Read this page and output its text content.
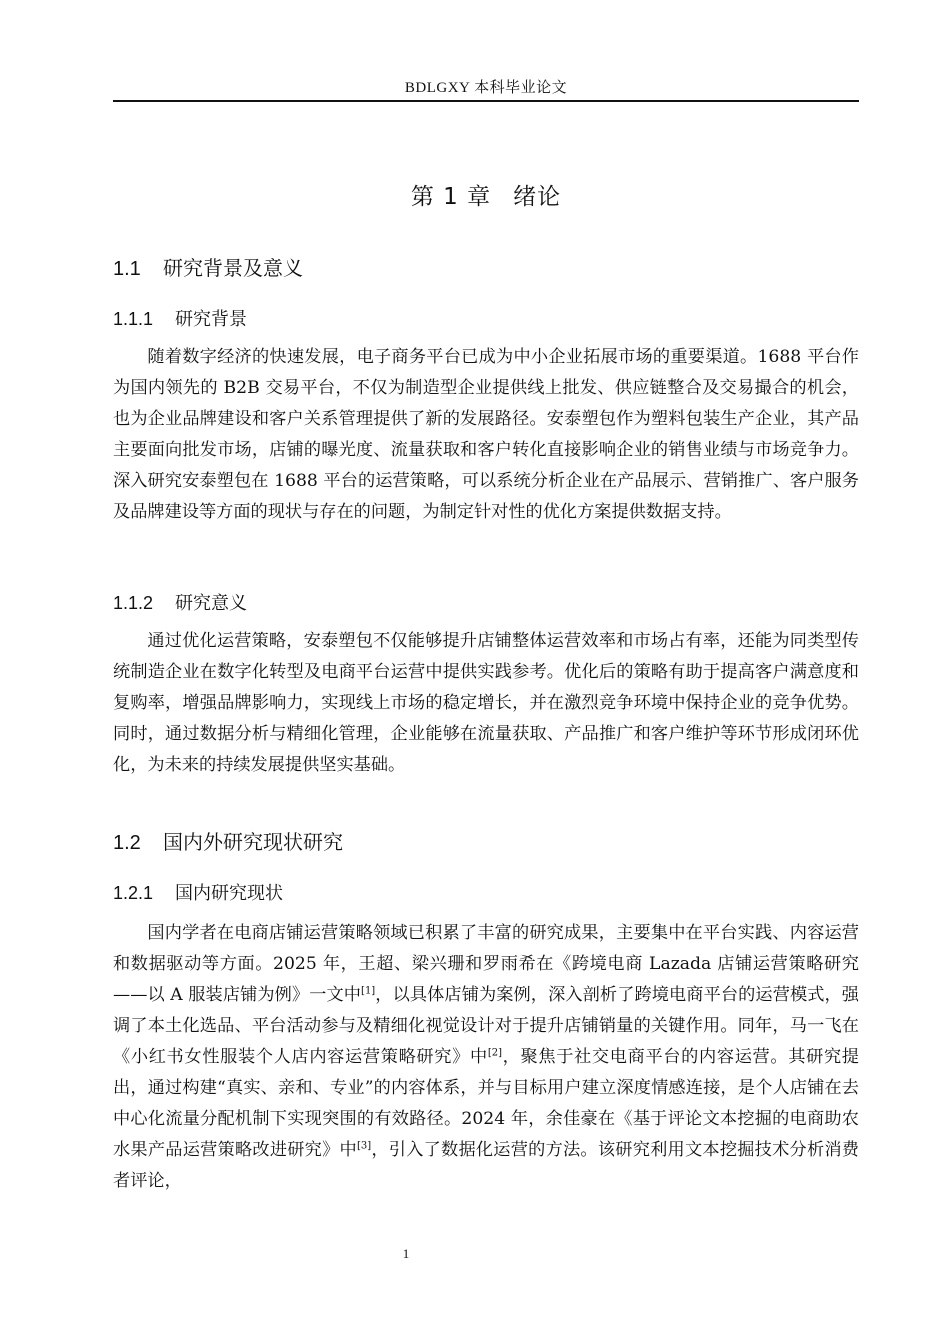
BDLGXY 本科毕业论文
第 1 章 绪论
1.1 研究背景及意义
1.1.1 研究背景

随着数字经济的快速发展，电子商务平台已成为中小企业拓展市场的重要渠道。1688 平台作为国内领先的 B2B 交易平台，不仅为制造型企业提供线上批发、供应链整合及交易撮合的机会，也为企业品牌建设和客户关系管理提供了新的发展路径。安泰塑包作为塑料包装生产企业，其产品主要面向批发市场，店铺的曝光度、流量获取和客户转化直接影响企业的销售业绩与市场竞争力。深入研究安泰塑包在 1688 平台的运营策略，可以系统分析企业在产品展示、营销推广、客户服务及品牌建设等方面的现状与存在的问题，为制定针对性的优化方案提供数据支持。

1.1.2 研究意义

通过优化运营策略，安泰塑包不仅能够提升店铺整体运营效率和市场占有率，还能为同类型传统制造企业在数字化转型及电商平台运营中提供实践参考。优化后的策略有助于提高客户满意度和复购率，增强品牌影响力，实现线上市场的稳定增长，并在激烈竞争环境中保持企业的竞争优势。同时，通过数据分析与精细化管理，企业能够在流量获取、产品推广和客户维护等环节形成闭环优化，为未来的持续发展提供坚实基础。

1.2 国内外研究现状研究
1.2.1 国内研究现状

国内学者在电商店铺运营策略领域已积累了丰富的研究成果，主要集中在平台实践、内容运营和数据驱动等方面。2025 年，王超、梁兴珊和罗雨希在《跨境电商 Lazada 店铺运营策略研究——以 A 服装店铺为例》一文中[1]，以具体店铺为案例，深入剖析了跨境电商平台的运营模式，强调了本土化选品、平台活动参与及精细化视觉设计对于提升店铺销量的关键作用。同年，马一飞在《小红书女性服装个人店内容运营策略研究》中[2]，聚焦于社交电商平台的内容运营。其研究提出，通过构建“真实、亲和、专业”的内容体系，并与目标用户建立深度情感连接，是个人店铺在去中心化流量分配机制下实现突围的有效路径。2024 年，余佳豪在《基于评论文本挖掘的电商助农水果产品运营策略改进研究》中[3]，引入了数据化运营的方法。该研究利用文本挖掘技术分析消费者评论，

1
